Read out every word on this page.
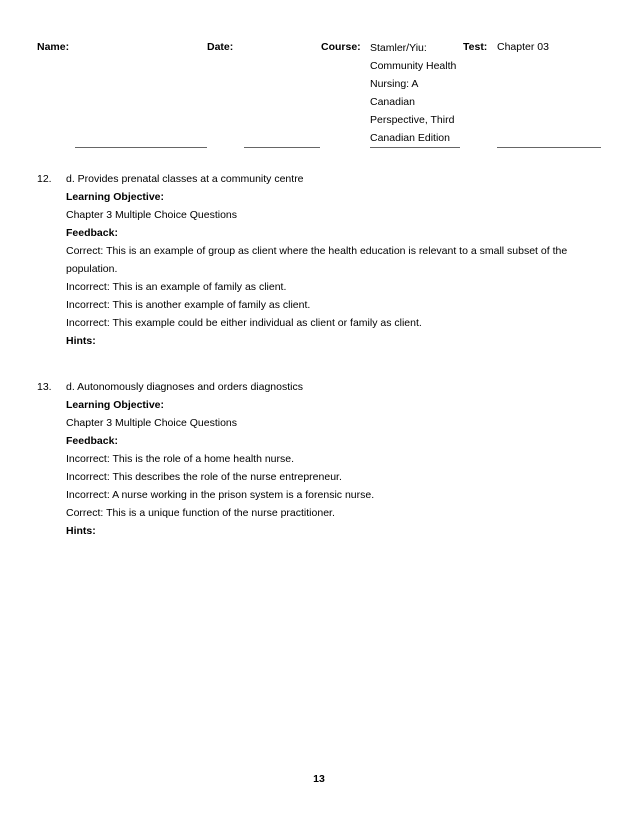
Name:	Date:	Course: Stamler/Yiu:
Community Health
Nursing: A
Canadian
Perspective, Third
Canadian Edition
Test: Chapter 03
12. d. Provides prenatal classes at a community centre
Learning Objective:
Chapter 3 Multiple Choice Questions
Feedback:
Correct: This is an example of group as client where the health education is relevant to a small subset of the population.
Incorrect: This is an example of family as client.
Incorrect: This is another example of family as client.
Incorrect: This example could be either individual as client or family as client.
Hints:
13. d. Autonomously diagnoses and orders diagnostics
Learning Objective:
Chapter 3 Multiple Choice Questions
Feedback:
Incorrect: This is the role of a home health nurse.
Incorrect: This describes the role of the nurse entrepreneur.
Incorrect: A nurse working in the prison system is a forensic nurse.
Correct: This is a unique function of the nurse practitioner.
Hints:
13
